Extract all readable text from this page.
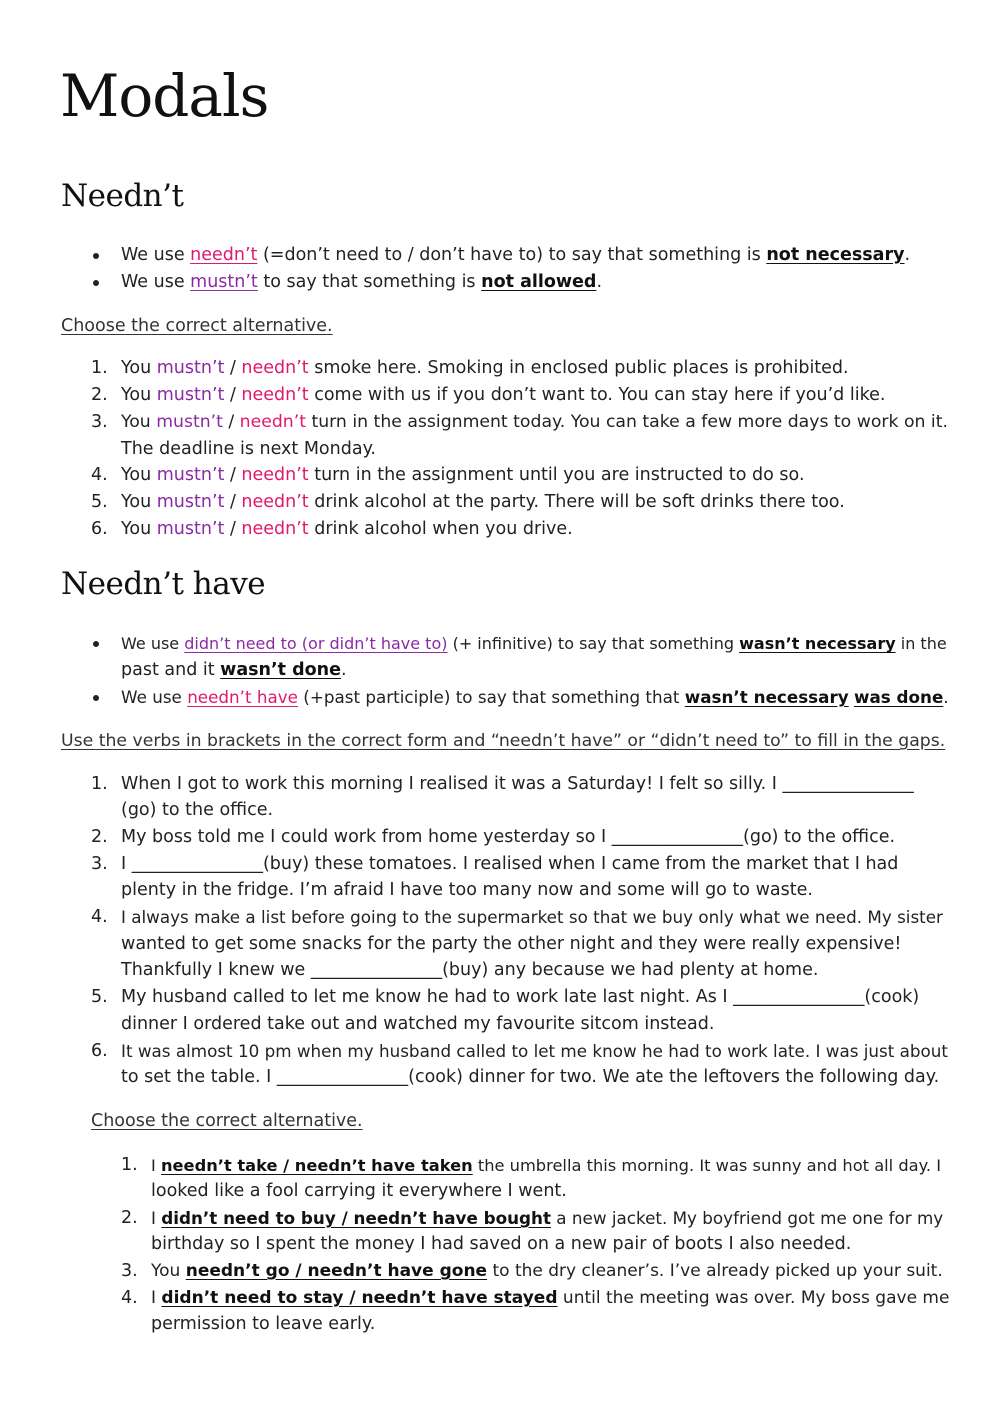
Modals
Needn’t
We use needn’t (=don’t need to / don’t have to) to say that something is not necessary.
We use mustn’t to say that something is not allowed.
Choose the correct alternative.
1. You mustn’t / needn’t smoke here. Smoking in enclosed public places is prohibited.
2. You mustn’t / needn’t come with us if you don’t want to. You can stay here if you’d like.
3. You mustn’t / needn’t turn in the assignment today. You can take a few more days to work on it.
The deadline is next Monday.
4. You mustn’t / needn’t turn in the assignment until you are instructed to do so.
5. You mustn’t / needn’t drink alcohol at the party. There will be soft drinks there too.
6. You mustn’t / needn’t drink alcohol when you drive.
Needn’t have
We use didn’t need to (or didn’t have to) (+ infinitive) to say that something wasn’t necessary in the
past and it wasn’t done.
We use needn’t have (+past participle) to say that something that wasn’t necessary was done.
Use the verbs in brackets in the correct form and “needn’t have” or “didn’t need to” to fill in the gaps.
1. When I got to work this morning I realised it was a Saturday! I felt so silly. I _______________
(go) to the office.
2. My boss told me I could work from home yesterday so I _______________(go) to the office.
3. I _______________(buy) these tomatoes. I realised when I came from the market that I had
plenty in the fridge. I’m afraid I have too many now and some will go to waste.
4. I always make a list before going to the supermarket so that we buy only what we need. My sister
wanted to get some snacks for the party the other night and they were really expensive!
Thankfully I knew we _______________(buy) any because we had plenty at home.
5. My husband called to let me know he had to work late last night. As I _______________(cook)
dinner I ordered take out and watched my favourite sitcom instead.
6. It was almost 10 pm when my husband called to let me know he had to work late. I was just about
to set the table. I _______________(cook) dinner for two. We ate the leftovers the following day.
Choose the correct alternative.
1. I needn’t take / needn’t have taken the umbrella this morning. It was sunny and hot all day. I
looked like a fool carrying it everywhere I went.
2. I didn’t need to buy / needn’t have bought a new jacket. My boyfriend got me one for my
birthday so I spent the money I had saved on a new pair of boots I also needed.
3. You needn’t go / needn’t have gone to the dry cleaner’s. I’ve already picked up your suit.
4. I didn’t need to stay / needn’t have stayed until the meeting was over. My boss gave me
permission to leave early.
